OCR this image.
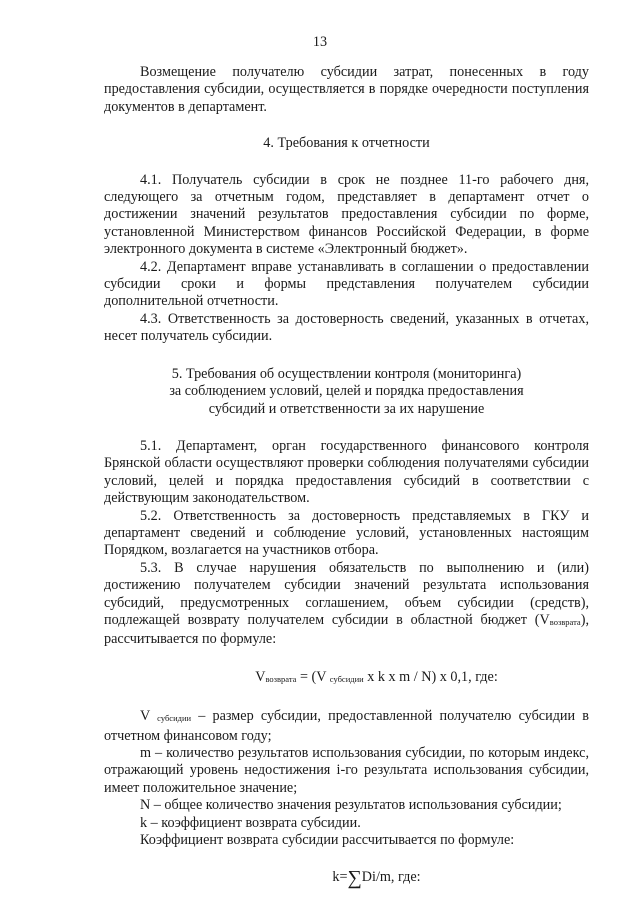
13

Возмещение получателю субсидии затрат, понесенных в году предоставления субсидии, осуществляется в порядке очередности поступления документов в департамент.

4. Требования к отчетности

4.1. Получатель субсидии в срок не позднее 11-го рабочего дня, следующего за отчетным годом, представляет в департамент отчет о достижении значений результатов предоставления субсидии по форме, установленной Министерством финансов Российской Федерации, в форме электронного документа в системе «Электронный бюджет».

4.2. Департамент вправе устанавливать в соглашении о предоставлении субсидии сроки и формы представления получателем субсидии дополнительной отчетности.

4.3. Ответственность за достоверность сведений, указанных в отчетах, несет получатель субсидии.

5. Требования об осуществлении контроля (мониторинга)

за соблюдением условий, целей и порядка предоставления

субсидий и ответственности за их нарушение

5.1. Департамент, орган государственного финансового контроля Брянской области осуществляют проверки соблюдения получателями субсидии условий, целей и порядка предоставления субсидий в соответствии с действующим законодательством.

5.2. Ответственность за достоверность представляемых в ГКУ и департамент сведений и соблюдение условий, установленных настоящим Порядком, возлагается на участников отбора.

5.3. В случае нарушения обязательств по выполнению и (или) достижению получателем субсидии значений результата использования субсидий, предусмотренных соглашением, объем субсидии (средств), подлежащей возврату получателем субсидии в областной бюджет $(V_{возврата})$, рассчитывается по формуле:

$V_{возврата} = (V$ $_{субсидии}$ x k x m / N) x 0,1, где:

V $_{субсидии}$ – размер субсидии, предоставленной получателю субсидии в отчетном финансовом году;

m – количество результатов использования субсидии, по которым индекс, отражающий уровень недостижения i-го результата использования субсидии, имеет положительное значение;

N – общее количество значения результатов использования субсидии;

k – коэффициент возврата субсидии.

Коэффициент возврата субсидии рассчитывается по формуле:

k=∑Di/m, где:
